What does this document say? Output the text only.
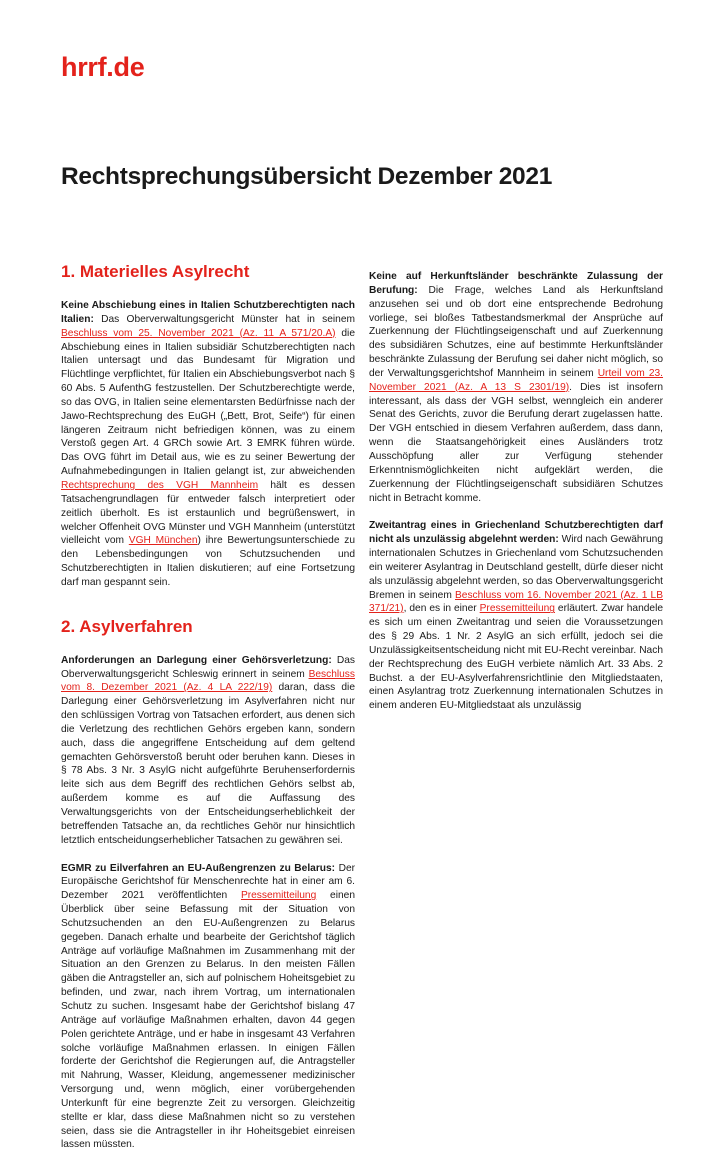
hrrf.de
Rechtsprechungsübersicht Dezember 2021
1. Materielles Asylrecht

Keine Abschiebung eines in Italien Schutzberechtigten nach Italien: Das Oberverwaltungsgericht Münster hat in seinem Beschluss vom 25. November 2021 (Az. 11 A 571/20.A) die Abschiebung eines in Italien subsidiär Schutzberechtigten nach Italien untersagt und das Bundesamt für Migration und Flüchtlinge verpflichtet, für Italien ein Abschiebungsverbot nach § 60 Abs. 5 AufenthG festzustellen. Der Schutzberechtigte werde, so das OVG, in Italien seine elementarsten Bedürfnisse nach der Jawo-Rechtsprechung des EuGH („Bett, Brot, Seife“) für einen längeren Zeitraum nicht befriedigen können, was zu einem Verstoß gegen Art. 4 GRCh sowie Art. 3 EMRK führen würde. Das OVG führt im Detail aus, wie es zu seiner Bewertung der Aufnahmebedingungen in Italien gelangt ist, zur abweichenden Rechtsprechung des VGH Mannheim hält es dessen Tatsachengrundlagen für entweder falsch interpretiert oder zeitlich überholt. Es ist erstaunlich und begrüßenswert, in welcher Offenheit OVG Münster und VGH Mannheim (unterstützt vielleicht vom VGH München) ihre Bewertungsunterschiede zu den Lebensbedingungen von Schutzsuchenden und Schutzberechtigten in Italien diskutieren; auf eine Fortsetzung darf man gespannt sein.

2. Asylverfahren

Anforderungen an Darlegung einer Gehörsverletzung: Das Oberverwaltungsgericht Schleswig erinnert in seinem Beschluss vom 8. Dezember 2021 (Az. 4 LA 222/19) daran, dass die Darlegung einer Gehörsverletzung im Asylverfahren nicht nur den schlüssigen Vortrag von Tatsachen erfordert, aus denen sich die Verletzung des rechtlichen Gehörs ergeben kann, sondern auch, dass die angegriffene Entscheidung auf dem geltend gemachten Gehörsverstoß beruht oder beruhen kann. Dieses in § 78 Abs. 3 Nr. 3 AsylG nicht aufgeführte Beruhenserfordernis leite sich aus dem Begriff des rechtlichen Gehörs selbst ab, außerdem komme es auf die Auffassung des Verwaltungsgerichts von der Entscheidungserheblichkeit der betreffenden Tatsache an, da rechtliches Gehör nur hinsichtlich letztlich entscheidungserheblicher Tatsachen zu gewähren sei.

EGMR zu Eilverfahren an EU-Außengrenzen zu Belarus: Der Europäische Gerichtshof für Menschenrechte hat in einer am 6. Dezember 2021 veröffentlichten Pressemitteilung einen Überblick über seine Befassung mit der Situation von Schutzsuchenden an den EU-Außengrenzen zu Belarus gegeben. Danach erhalte und bearbeite der Gerichtshof täglich Anträge auf vorläufige Maßnahmen im Zusammenhang mit der Situation an den Grenzen zu Belarus. In den meisten Fällen gäben die Antragsteller an, sich auf polnischem Hoheitsgebiet zu befinden, und zwar, nach ihrem Vortrag, um internationalen Schutz zu suchen. Insgesamt habe der Gerichtshof bislang 47 Anträge auf vorläufige Maßnahmen erhalten, davon 44 gegen Polen gerichtete Anträge, und er habe in insgesamt 43 Verfahren solche vorläufige Maßnahmen erlassen. In einigen Fällen forderte der Gerichtshof die Regierungen auf, die Antragsteller mit Nahrung, Wasser, Kleidung, angemessener medizinischer Versorgung und, wenn möglich, einer vorübergehenden Unterkunft für eine begrenzte Zeit zu versorgen. Gleichzeitig stellte er klar, dass diese Maßnahmen nicht so zu verstehen seien, dass sie die Antragsteller in ihr Hoheitsgebiet einreisen lassen müssten.

Keine auf Herkunftsländer beschränkte Zulassung der Berufung: Die Frage, welches Land als Herkunftsland anzusehen sei und ob dort eine entsprechende Bedrohung vorliege, sei bloßes Tatbestandsmerkmal der Ansprüche auf Zuerkennung der Flüchtlingseigenschaft und auf Zuerkennung des subsidiären Schutzes, eine auf bestimmte Herkunftsländer beschränkte Zulassung der Berufung sei daher nicht möglich, so der Verwaltungsgerichtshof Mannheim in seinem Urteil vom 23. November 2021 (Az. A 13 S 2301/19). Dies ist insofern interessant, als dass der VGH selbst, wenngleich ein anderer Senat des Gerichts, zuvor die Berufung derart zugelassen hatte. Der VGH entschied in diesem Verfahren außerdem, dass dann, wenn die Staatsangehörigkeit eines Ausländers trotz Ausschöpfung aller zur Verfügung stehender Erkenntnismöglichkeiten nicht aufgeklärt werden, die Zuerkennung der Flüchtlingseigenschaft subsidiären Schutzes nicht in Betracht komme.

Zweitantrag eines in Griechenland Schutzberechtigten darf nicht als unzulässig abgelehnt werden: Wird nach Gewährung internationalen Schutzes in Griechenland vom Schutzsuchenden ein weiterer Asylantrag in Deutschland gestellt, dürfe dieser nicht als unzulässig abgelehnt werden, so das Oberverwaltungsgericht Bremen in seinem Beschluss vom 16. November 2021 (Az. 1 LB 371/21), den es in einer Pressemitteilung erläutert. Zwar handele es sich um einen Zweitantrag und seien die Voraussetzungen des § 29 Abs. 1 Nr. 2 AsylG an sich erfüllt, jedoch sei die Unzulässigkeitsentscheidung nicht mit EU-Recht vereinbar. Nach der Rechtsprechung des EuGH verbiete nämlich Art. 33 Abs. 2 Buchst. a der EU-Asylverfahrensrichtlinie den Mitgliedstaaten, einen Asylantrag trotz Zuerkennung internationalen Schutzes in einem anderen EU-Mitgliedstaat als unzulässig
